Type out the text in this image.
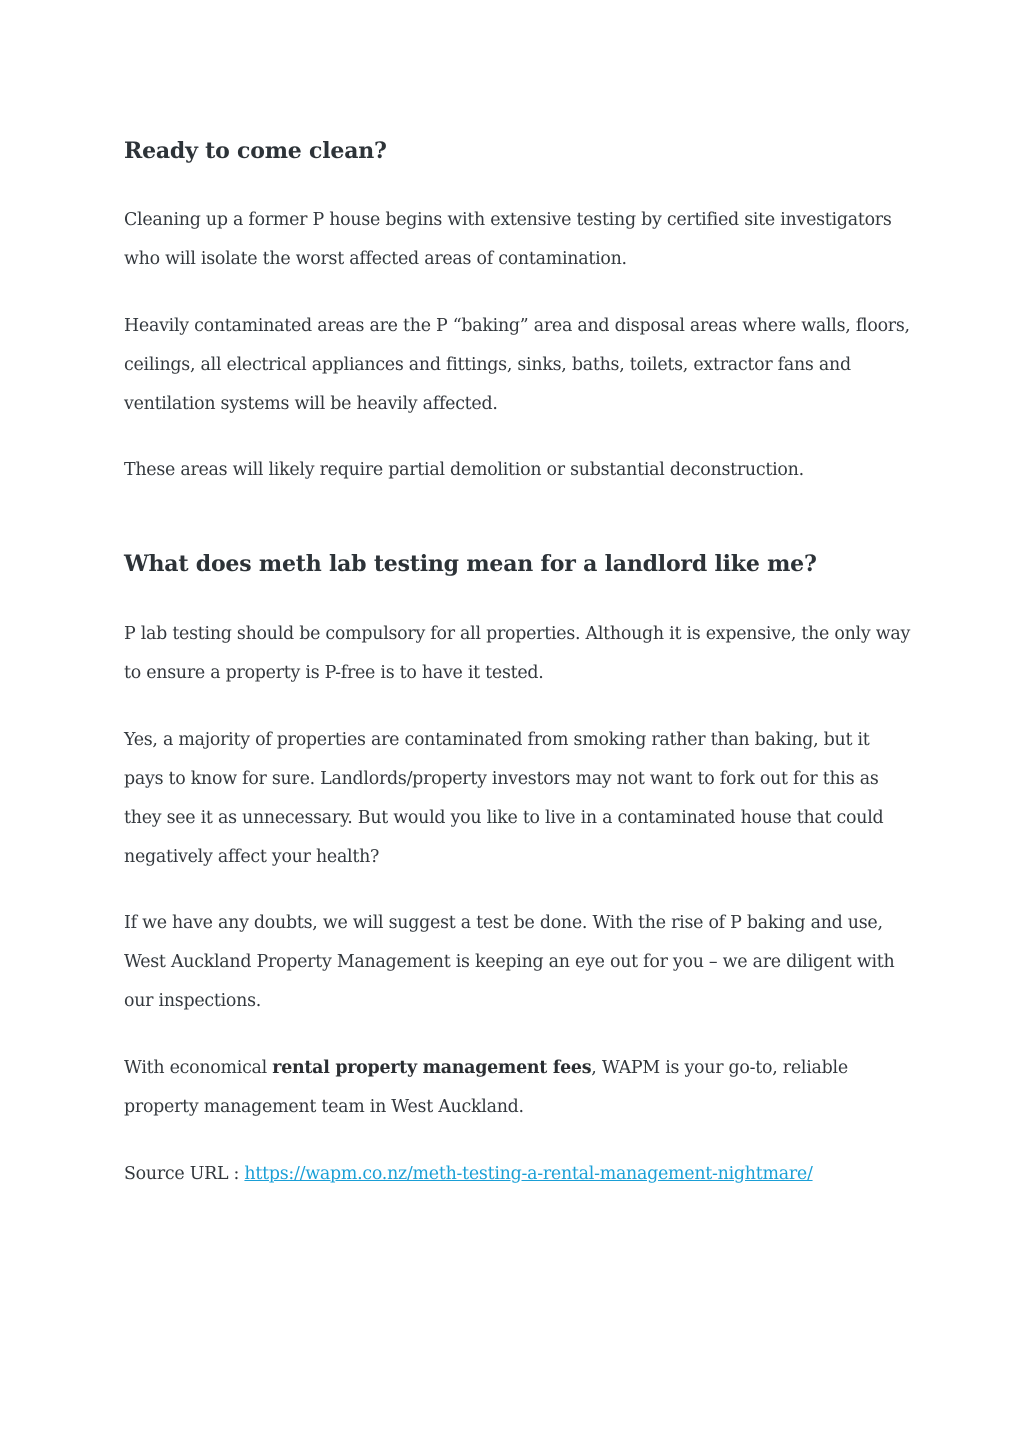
Ready to come clean?

Cleaning up a former P house begins with extensive testing by certified site investigators who will isolate the worst affected areas of contamination.

Heavily contaminated areas are the P “baking” area and disposal areas where walls, floors, ceilings, all electrical appliances and fittings, sinks, baths, toilets, extractor fans and ventilation systems will be heavily affected.

These areas will likely require partial demolition or substantial deconstruction.

What does meth lab testing mean for a landlord like me?

P lab testing should be compulsory for all properties. Although it is expensive, the only way to ensure a property is P-free is to have it tested.

Yes, a majority of properties are contaminated from smoking rather than baking, but it pays to know for sure. Landlords/property investors may not want to fork out for this as they see it as unnecessary. But would you like to live in a contaminated house that could negatively affect your health?

If we have any doubts, we will suggest a test be done. With the rise of P baking and use, West Auckland Property Management is keeping an eye out for you – we are diligent with our inspections.

With economical rental property management fees, WAPM is your go-to, reliable property management team in West Auckland.

Source URL : https://wapm.co.nz/meth-testing-a-rental-management-nightmare/
